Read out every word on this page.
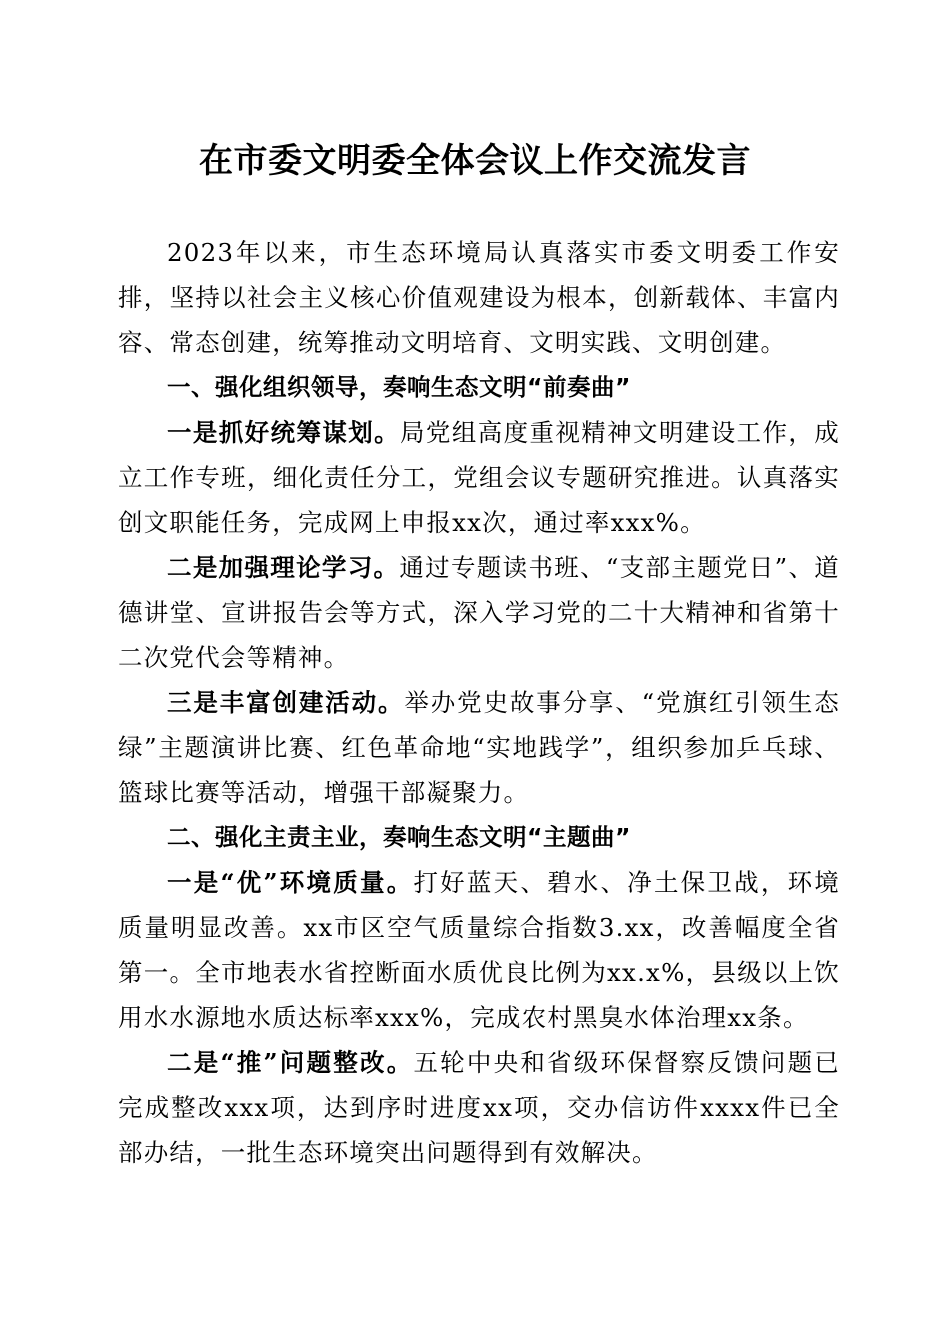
在市委文明委全体会议上作交流发言

2023年以来，市生态环境局认真落实市委文明委工作安排，坚持以社会主义核心价值观建设为根本，创新载体、丰富内容、常态创建，统筹推动文明培育、文明实践、文明创建。

一、强化组织领导，奏响生态文明“前奏曲”

一是抓好统筹谋划。局党组高度重视精神文明建设工作，成立工作专班，细化责任分工，党组会议专题研究推进。认真落实创文职能任务，完成网上申报xx次，通过率xxx%。

二是加强理论学习。通过专题读书班、“支部主题党日”、道德讲堂、宣讲报告会等方式，深入学习党的二十大精神和省第十二次党代会等精神。

三是丰富创建活动。举办党史故事分享、“党旗红引领生态绿”主题演讲比赛、红色革命地“实地践学”，组织参加乒乓球、篮球比赛等活动，增强干部凝聚力。

二、强化主责主业，奏响生态文明“主题曲”

一是“优”环境质量。打好蓝天、碧水、净土保卫战，环境质量明显改善。xx市区空气质量综合指数3.xx，改善幅度全省第一。全市地表水省控断面水质优良比例为xx.x%，县级以上饮用水水源地水质达标率xxx%，完成农村黑臭水体治理xx条。

二是“推”问题整改。五轮中央和省级环保督察反馈问题已完成整改xxx项，达到序时进度xx项，交办信访件xxxx件已全部办结，一批生态环境突出问题得到有效解决。
